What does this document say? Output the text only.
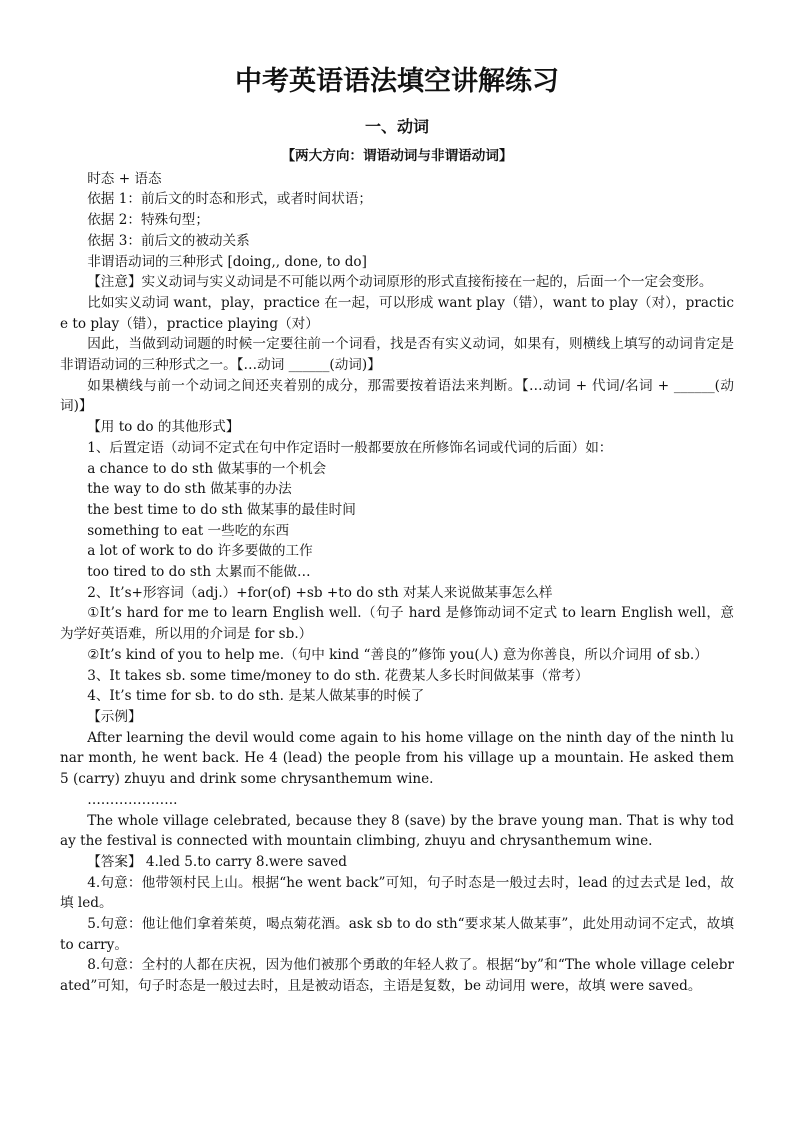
中考英语语法填空讲解练习
一、动词
【两大方向：谓语动词与非谓语动词】

时态 + 语态

依据 1：前后文的时态和形式，或者时间状语；

依据 2：特殊句型；

依据 3：前后文的被动关系

非谓语动词的三种形式 [doing,, done, to do]

【注意】实义动词与实义动词是不可能以两个动词原形的形式直接衔接在一起的，后面一个一定会变形。

比如实义动词 want，play，practice 在一起，可以形成 want play（错），want to play（对），practice to play（错），practice playing（对）

因此，当做到动词题的时候一定要往前一个词看，找是否有实义动词，如果有，则横线上填写的动词肯定是非谓语动词的三种形式之一。【…动词 ______(动词)】

如果横线与前一个动词之间还夹着别的成分，那需要按着语法来判断。【…动词 + 代词/名词 + ______(动词)】

【用 to do 的其他形式】

1、后置定语（动词不定式在句中作定语时一般都要放在所修饰名词或代词的后面）如：

a chance to do sth 做某事的一个机会

the way to do sth 做某事的办法

the best time to do sth 做某事的最佳时间

something to eat 一些吃的东西

a lot of work to do 许多要做的工作

too tired to do sth 太累而不能做…

2、It’s+形容词（adj.）+for(of) +sb +to do sth 对某人来说做某事怎么样

①It’s hard for me to learn English well.（句子 hard 是修饰动词不定式 to learn English well，意为学好英语难，所以用的介词是 for sb.）

②It’s kind of you to help me.（句中 kind “善良的”修饰 you(人) 意为你善良，所以介词用 of sb.）

3、It takes sb. some time/money to do sth. 花费某人多长时间做某事（常考）

4、It’s time for sb. to do sth. 是某人做某事的时候了

【示例】

After learning the devil would come again to his home village on the ninth day of the ninth lunar month, he went back. He 4 (lead) the people from his village up a mountain. He asked them 5 (carry) zhuyu and drink some chrysanthemum wine.

………………..

The whole village celebrated, because they 8 (save) by the brave young man. That is why today the festival is connected with mountain climbing, zhuyu and chrysanthemum wine.

【答案】 4.led 5.to carry 8.were saved

4.句意：他带领村民上山。根据“he went back”可知，句子时态是一般过去时，lead 的过去式是 led，故填 led。

5.句意：他让他们拿着茱萸，喝点菊花酒。ask sb to do sth“要求某人做某事”，此处用动词不定式，故填 to carry。

8.句意：全村的人都在庆祝，因为他们被那个勇敢的年轻人救了。根据“by”和“The whole village celebrated”可知，句子时态是一般过去时，且是被动语态，主语是复数，be 动词用 were，故填 were saved。
